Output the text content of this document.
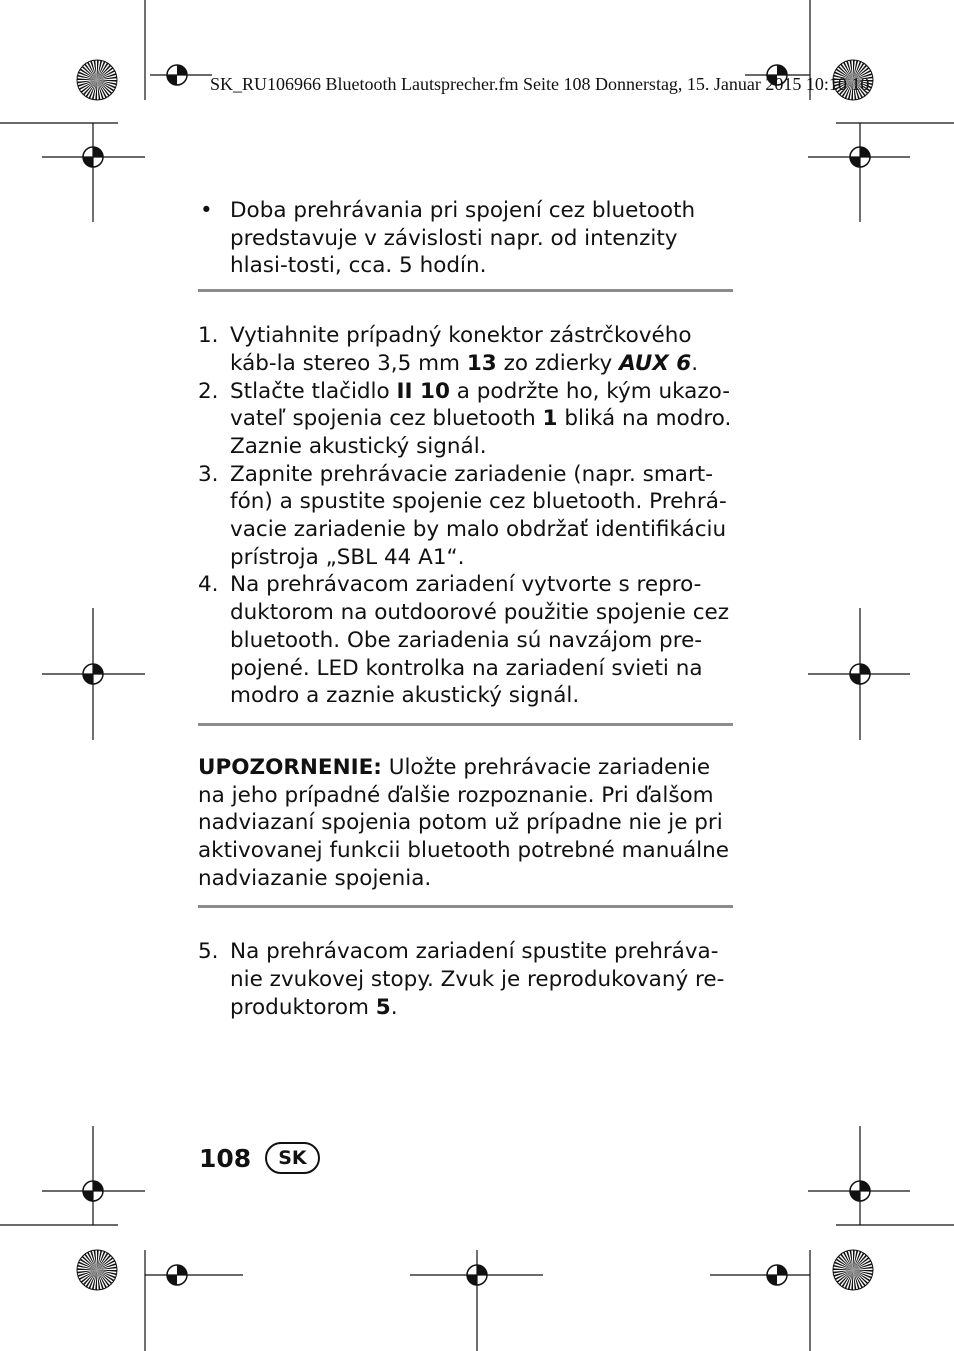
SK_RU106966 Bluetooth Lautsprecher.fm Seite 108 Donnerstag, 15. Januar 2015 10:10 10
• Doba prehrávania pri spojení cez bluetooth predstavuje v závislosti napr. od intenzity hlasi-tosti, cca. 5 hodín.
1. Vytiahnite prípadný konektor zástrčkového káb-la stereo 3,5 mm 13 zo zdierky AUX 6.
2. Stlačte tlačidlo II 10 a podržte ho, kým ukazo-vateľ spojenia cez bluetooth 1 bliká na modro. Zaznie akustický signál.
3. Zapnite prehrávacie zariadenie (napr. smart-fón) a spustite spojenie cez bluetooth. Prehrá-vacie zariadenie by malo obdržať identifikáciu prístroja „SBL 44 A1“.
4. Na prehrávacom zariadení vytvorte s repro-duktorom na outdoorové použitie spojenie cez bluetooth. Obe zariadenia sú navzájom pre-pojené. LED kontrolka na zariadení svieti na modro a zaznie akustický signál.
UPOZORNENIE: Uložte prehrávacie zariadenie na jeho prípadné ďalšie rozpoznanie. Pri ďalšom nadviazaní spojenia potom už prípadne nie je pri aktivovanej funkcii bluetooth potrebné manuálne nadviazanie spojenia.
5. Na prehrávacom zariadení spustite prehráva-nie zvukovej stopy. Zvuk je reprodukovaný re-produktorom 5.
108	SK
